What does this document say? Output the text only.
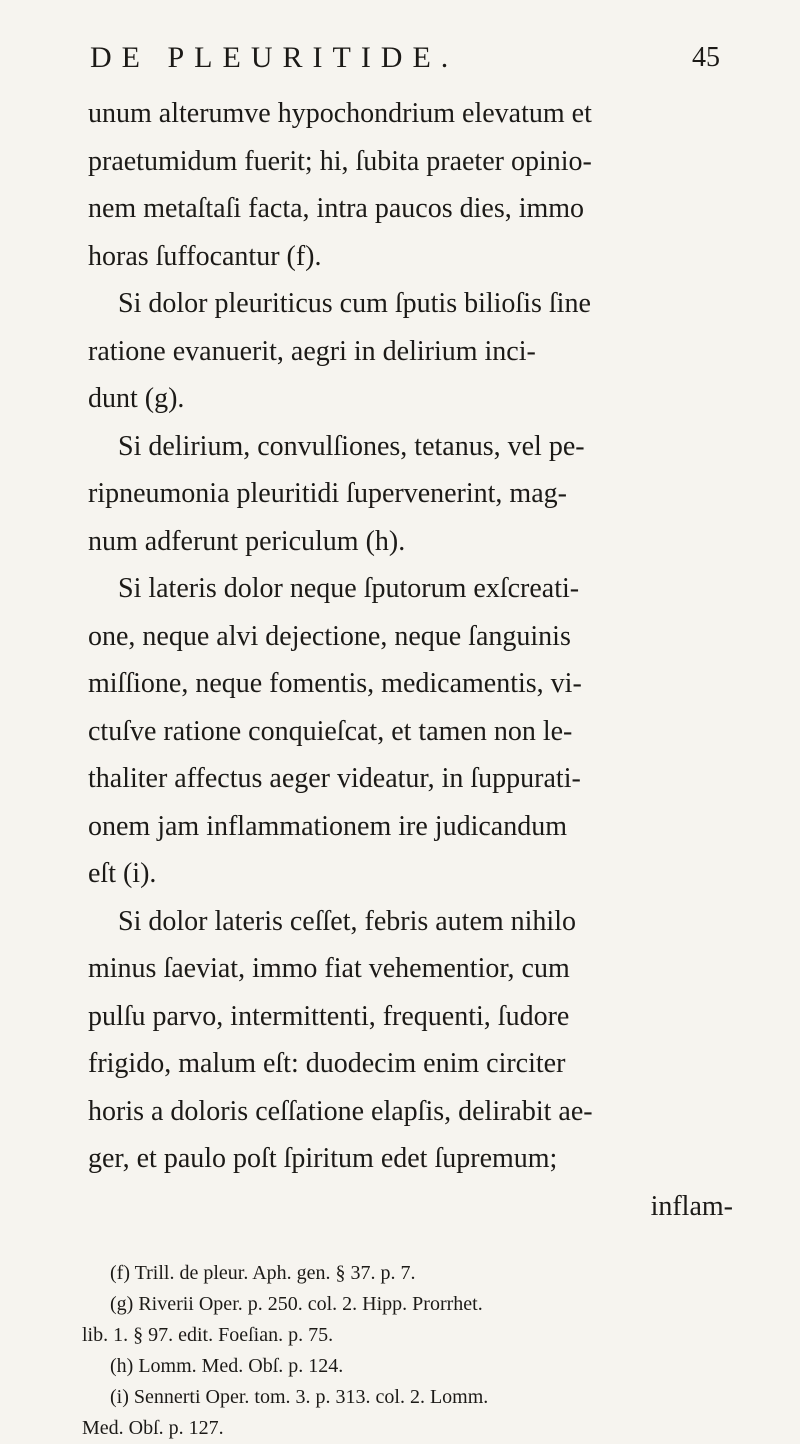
DE PLEURITIDE.	45
unum alterumve hypochondrium elevatum et
praetumidum fuerit; hi, ſubita praeter opinio-
nem metaſtaſi facta, intra paucos dies, immo
horas ſuffocantur (f).
Si dolor pleuriticus cum ſputis bilioſis ſine
ratione evanuerit, aegri in delirium inci-
dunt (g).
Si delirium, convulſiones, tetanus, vel pe-
ripneumonia pleuritidi ſupervenerint, mag-
num adferunt periculum (h).
Si lateris dolor neque ſputorum exſcreati-
one, neque alvi dejectione, neque ſanguinis
miſſione, neque fomentis, medicamentis, vi-
ctuſve ratione conquieſcat, et tamen non le-
thaliter affectus aeger videatur, in ſuppurati-
onem jam inflammationem ire judicandum
eſt (i).
Si dolor lateris ceſſet, febris autem nihilo
minus ſaeviat, immo fiat vehementior, cum
pulſu parvo, intermittenti, frequenti, ſudore
frigido, malum eſt: duodecim enim circiter
horis a doloris ceſſatione elapſis, delirabit ae-
ger, et paulo poſt ſpiritum edet ſupremum;
inflam-
(f) Trill. de pleur. Aph. gen. § 37. p. 7.
(g) Riverii Oper. p. 250. col. 2. Hipp. Prorrhet.
lib. 1. § 97. edit. Foeſian. p. 75.
(h) Lomm. Med. Obſ. p. 124.
(i) Sennerti Oper. tom. 3. p. 313. col. 2. Lomm.
Med. Obſ. p. 127.
